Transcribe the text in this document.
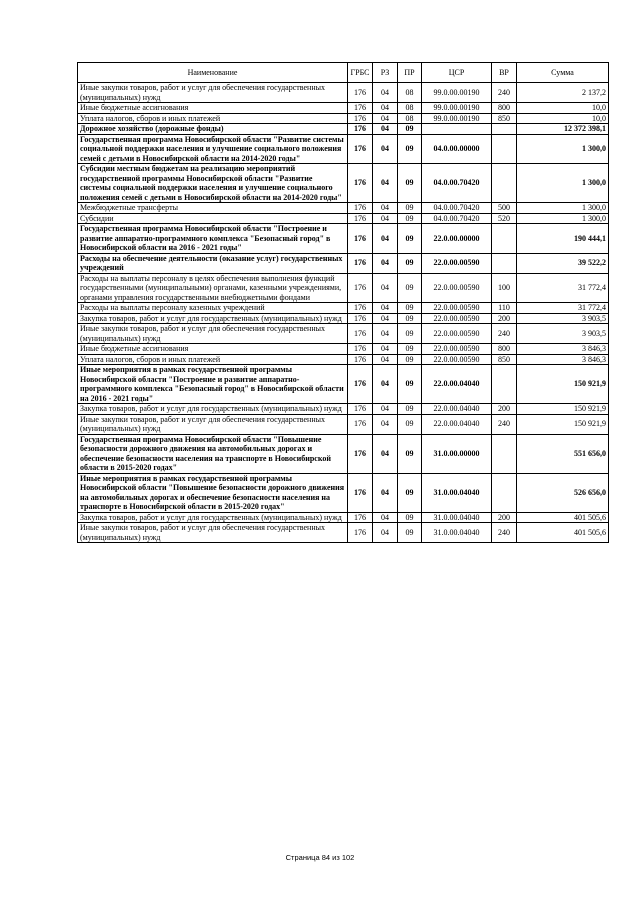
Наименование	ГРБС	РЗ	ПР	ЦСР	ВР	Сумма
Иные закупки товаров, работ и услуг для обеспечения государственных (муниципальных) нужд	176	04	08	99.0.00.00190	240	2 137,2
Иные бюджетные ассигнования	176	04	08	99.0.00.00190	800	10,0
Уплата налогов, сборов и иных платежей	176	04	08	99.0.00.00190	850	10,0
Дорожное хозяйство (дорожные фонды)	176	04	09			12 372 398,1
Государственная программа Новосибирской области "Развитие системы социальной поддержки населения и улучшение социального положения семей с детьми в Новосибирской области на 2014-2020 годы"	176	04	09	04.0.00.00000		1 300,0
Субсидии местным бюджетам на реализацию мероприятий государственной программы Новосибирской области "Развитие системы социальной поддержки населения и улучшение социального положения семей с детьми в Новосибирской области на 2014-2020 годы"	176	04	09	04.0.00.70420		1 300,0
Межбюджетные трансферты	176	04	09	04.0.00.70420	500	1 300,0
Субсидии	176	04	09	04.0.00.70420	520	1 300,0
Государственная программа Новосибирской области "Построение и развитие аппаратно-программного комплекса "Безопасный город" в Новосибирской области на 2016 - 2021 годы"	176	04	09	22.0.00.00000		190 444,1
Расходы на обеспечение деятельности (оказание услуг) государственных учреждений	176	04	09	22.0.00.00590		39 522,2
Расходы на выплаты персоналу в целях обеспечения выполнения функций государственными (муниципальными) органами, казенными учреждениями, органами управления государственными внебюджетными фондами	176	04	09	22.0.00.00590	100	31 772,4
Расходы на выплаты персоналу казенных учреждений	176	04	09	22.0.00.00590	110	31 772,4
Закупка товаров, работ и услуг для государственных (муниципальных) нужд	176	04	09	22.0.00.00590	200	3 903,5
Иные закупки товаров, работ и услуг для обеспечения государственных (муниципальных) нужд	176	04	09	22.0.00.00590	240	3 903,5
Иные бюджетные ассигнования	176	04	09	22.0.00.00590	800	3 846,3
Уплата налогов, сборов и иных платежей	176	04	09	22.0.00.00590	850	3 846,3
Иные мероприятия в рамках государственной программы Новосибирской области "Построение и развитие аппаратно-программного комплекса "Безопасный город" в Новосибирской области на 2016 - 2021 годы"	176	04	09	22.0.00.04040		150 921,9
Закупка товаров, работ и услуг для государственных (муниципальных) нужд	176	04	09	22.0.00.04040	200	150 921,9
Иные закупки товаров, работ и услуг для обеспечения государственных (муниципальных) нужд	176	04	09	22.0.00.04040	240	150 921,9
Государственная программа Новосибирской области "Повышение безопасности дорожного движения на автомобильных дорогах и обеспечение безопасности населения на транспорте в Новосибирской области в 2015-2020 годах"	176	04	09	31.0.00.00000		551 656,0
Иные мероприятия в рамках государственной программы Новосибирской области "Повышение безопасности дорожного движения на автомобильных дорогах и обеспечение безопасности населения на транспорте в Новосибирской области в 2015-2020 годах"	176	04	09	31.0.00.04040		526 656,0
Закупка товаров, работ и услуг для государственных (муниципальных) нужд	176	04	09	31.0.00.04040	200	401 505,6
Иные закупки товаров, работ и услуг для обеспечения государственных (муниципальных) нужд	176	04	09	31.0.00.04040	240	401 505,6
Страница 84 из 102
